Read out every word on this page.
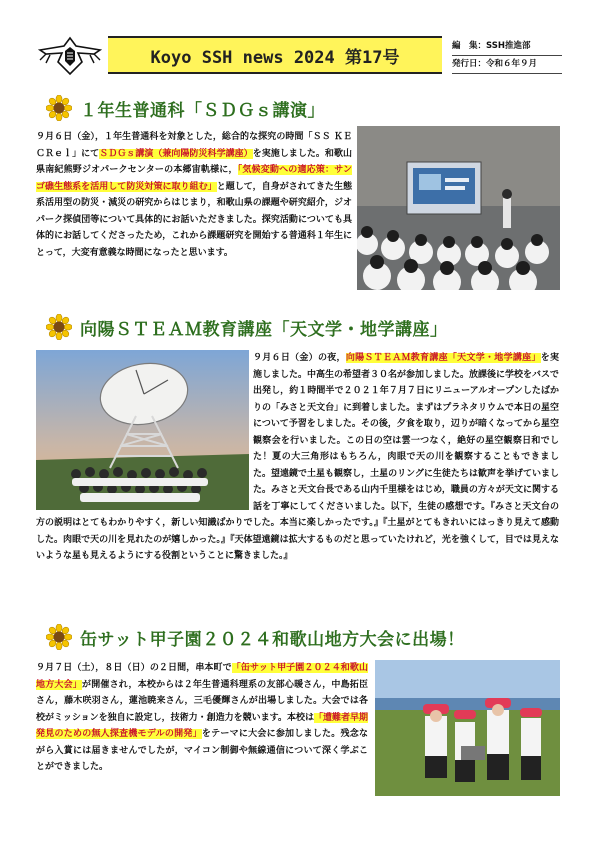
Koyo SSH news 2024 第17号
編　集：SSH推進部
発行日：令和６年９月
１年生普通科「ＳＤＧｓ講演」
９月６日（金），１年生普通科を対象とした，総合的な探究の時間「ＳＳ ＫＥＣＲｅｌ」にてＳＤＧｓ講演（兼向陽防災科学講座）を実施しました。和歌山県南紀熊野ジオパークセンターの本郷宙軌様に，「気候変動への適応策：サンゴ礁生態系を活用して防災対策に取り組む」と題して，自身がされてきた生態系活用型の防災・減災の研究からはじまり，和歌山県の課題や研究紹介，ジオパーク探偵団等について具体的にお話いただきました。探究活動についても具体的にお話してくださったため，これから課題研究を開始する普通科１年生にとって，大変有意義な時間になったと思います。
向陽ＳＴＥＡＭ教育講座「天文学・地学講座」

９月６日（金）の夜，向陽ＳＴＥＡＭ教育講座「天文学・地学講座」を実施しました。中高生の希望者３０名が参加しました。放課後に学校をバスで出発し，約１時間半で２０２１年７月７日にリニューアルオープンしたばかりの「みさと天文台」に到着しました。まずはプラネタリウムで本日の星空について予習をしました。その後，夕食を取り，辺りが暗くなってから星空観察会を行いました。この日の空は雲一つなく，絶好の星空観察日和でした！夏の大三角形はもちろん，肉眼で天の川を観察することもできました。望遠鏡で土星も観察し，土星のリングに生徒たちは歓声を挙げていました。みさと天文台長である山内千里様をはじめ，職員の方々が天文に関する話を丁寧にしてくださいました。以下，生徒の感想です。『みさと天文台の方の説明はとてもわかりやすく，新しい知識ばかりでした。本当に楽しかったです。』『土星がとてもきれいにはっきり見えて感動した。肉眼で天の川を見れたのが嬉しかった。』『天体望遠鏡は拡大するものだと思っていたけれど，光を強くして，目では見えないような星も見えるようにする役割ということに驚きました。』
缶サット甲子園２０２４和歌山地方大会に出場！
９月７日（土），８日（日）の２日間，串本町で「缶サット甲子園２０２４和歌山地方大会」が開催され，本校からは２年生普通科理系の友部心暖さん，中島拓臣さん，藤木咲羽さん，蓮池暁来さん，三毛優輝さんが出場しました。大会では各校がミッションを独自に設定し，技術力・創造力を競います。本校は「遭難者早期発見のための無人探査機モデルの開発」をテーマに大会に参加しました。残念ながら入賞には届きませんでしたが，マイコン制御や無線通信について深く学ぶことができました。
